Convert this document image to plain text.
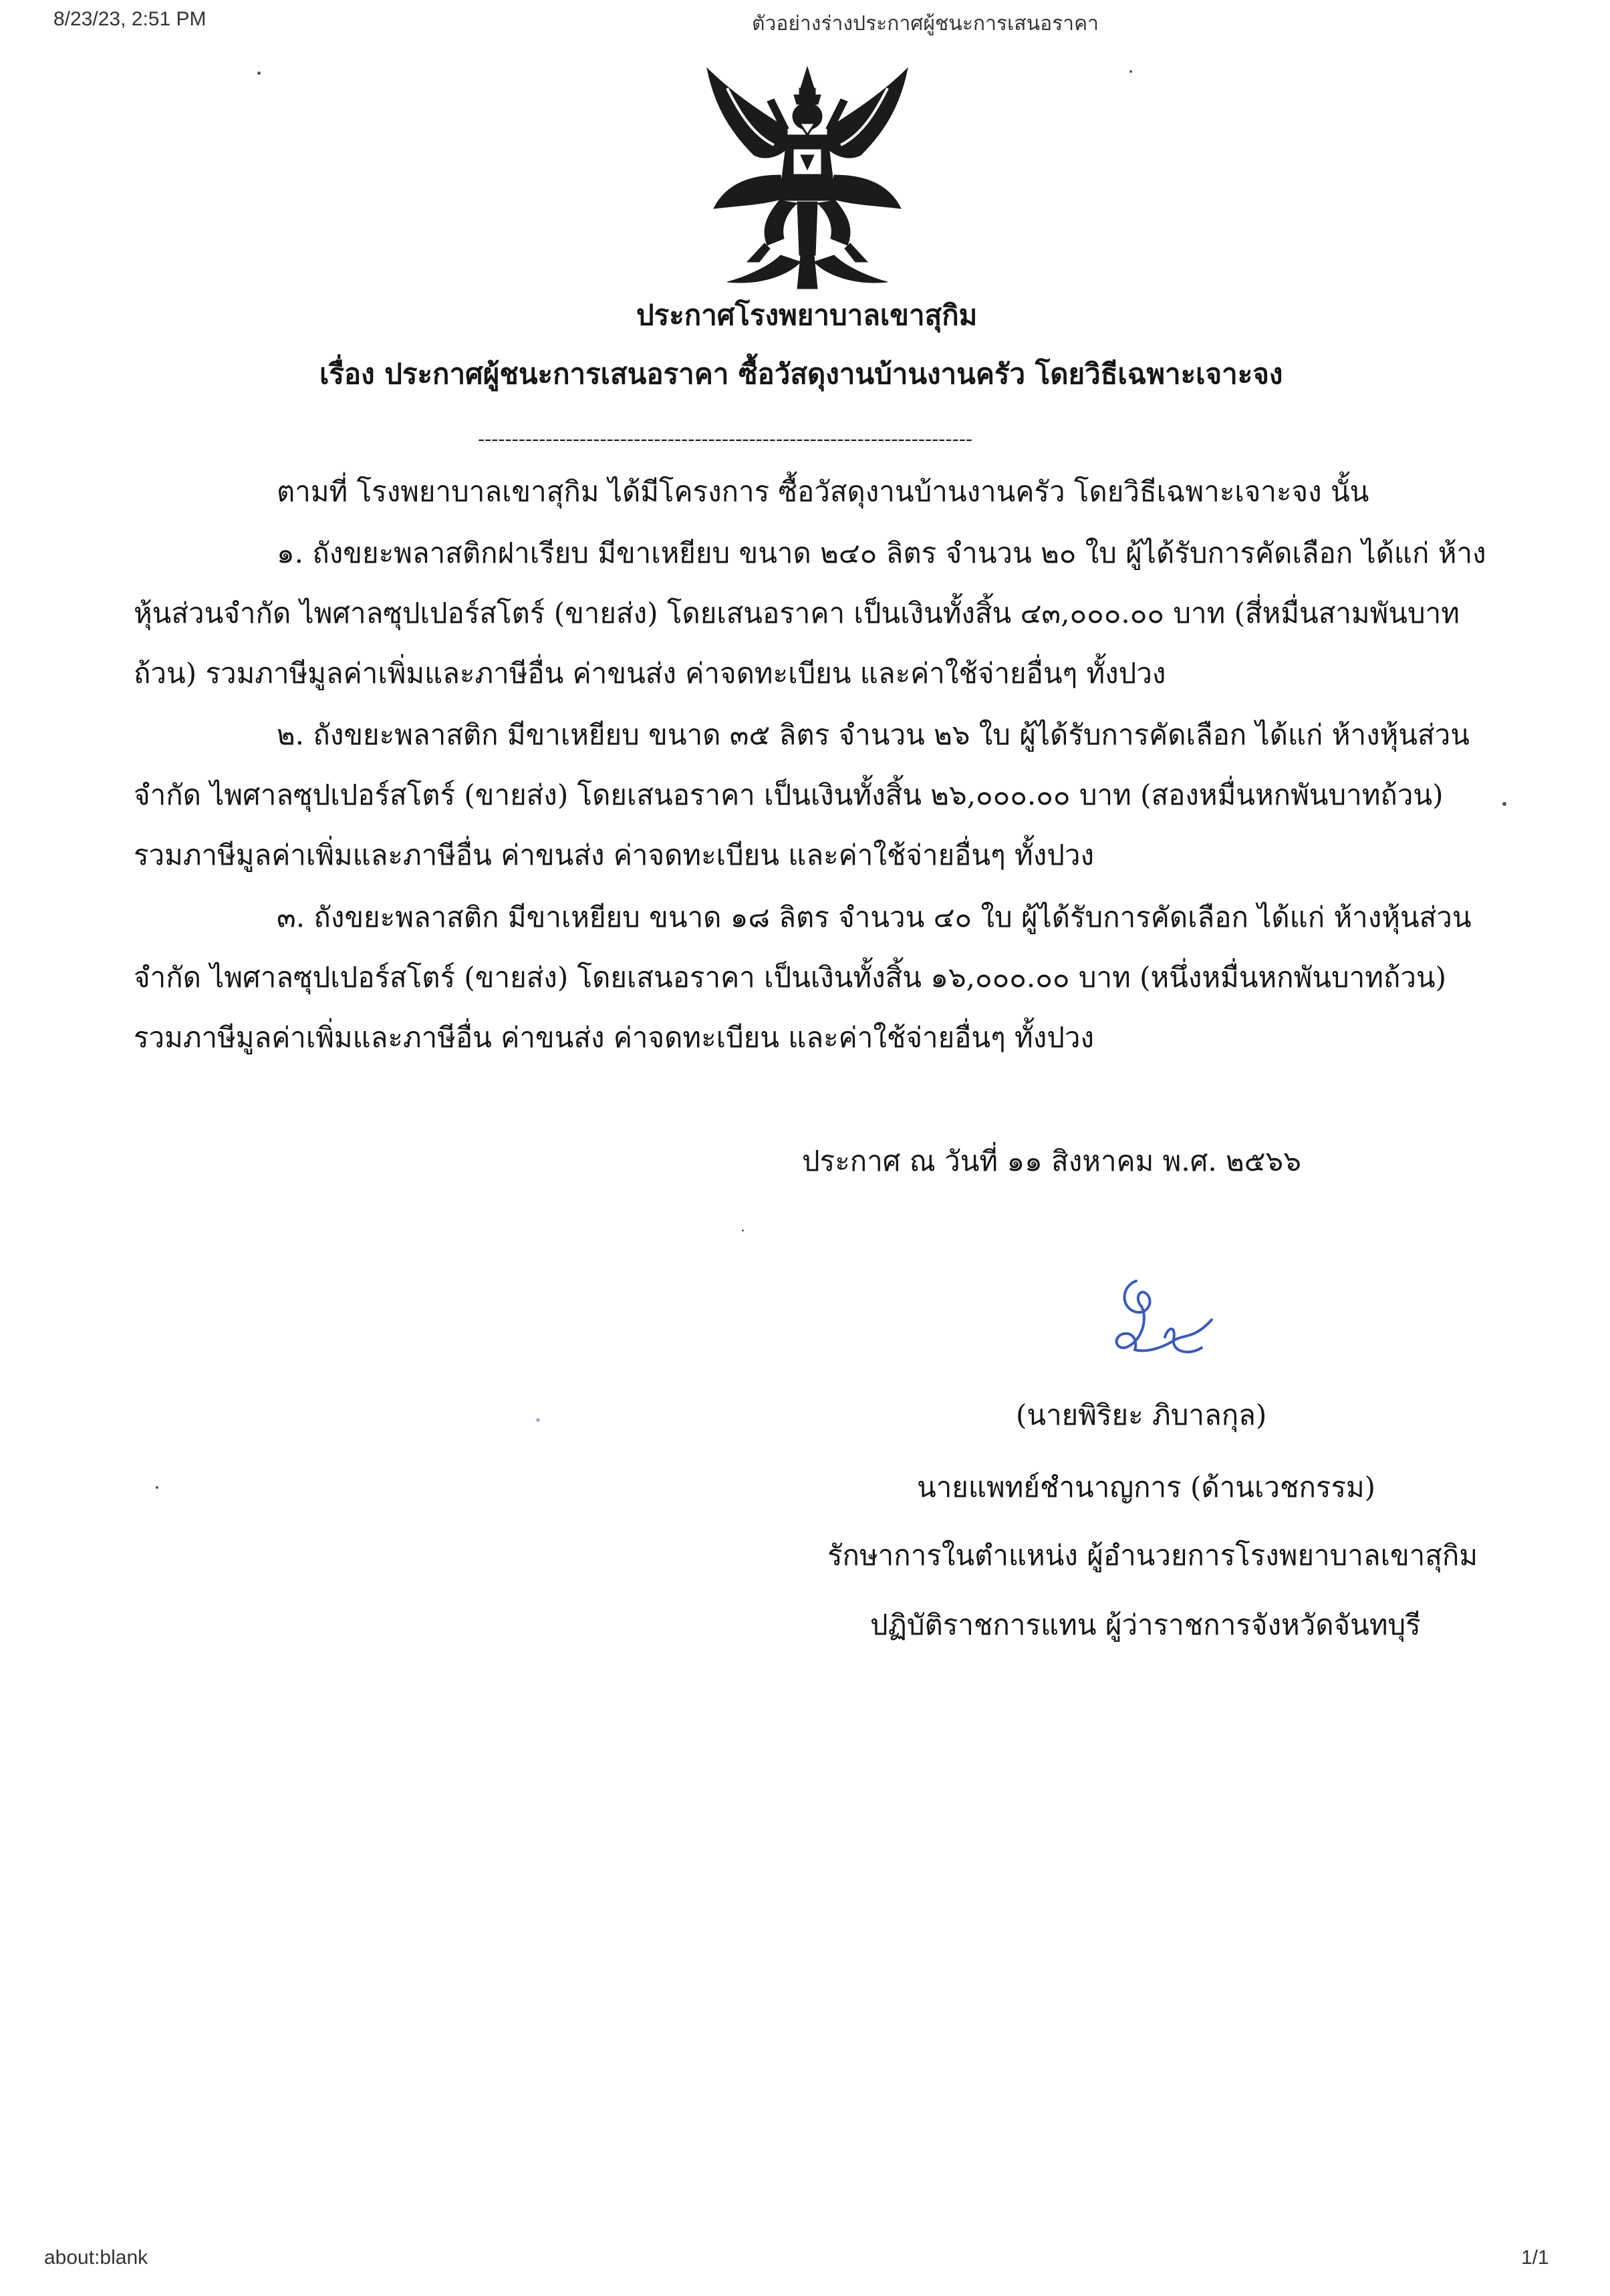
8/23/23, 2:51 PM	ตัวอย่างร่างประกาศผู้ชนะการเสนอราคา
ประกาศโรงพยาบาลเขาสุกิม
เรื่อง ประกาศผู้ชนะการเสนอราคา ซื้อวัสดุงานบ้านงานครัว โดยวิธีเฉพาะเจาะจง
-------------------------------------------------------------------------
ตามที่ โรงพยาบาลเขาสุกิม ได้มีโครงการ ซื้อวัสดุงานบ้านงานครัว โดยวิธีเฉพาะเจาะจง นั้น
๑. ถังขยะพลาสติกฝาเรียบ มีขาเหยียบ ขนาด ๒๔๐ ลิตร จำนวน ๒๐ ใบ ผู้ได้รับการคัดเลือก ได้แก่ ห้าง
หุ้นส่วนจำกัด ไพศาลซุปเปอร์สโตร์ (ขายส่ง) โดยเสนอราคา เป็นเงินทั้งสิ้น ๔๓,๐๐๐.๐๐ บาท (สี่หมื่นสามพันบาท
ถ้วน) รวมภาษีมูลค่าเพิ่มและภาษีอื่น ค่าขนส่ง ค่าจดทะเบียน และค่าใช้จ่ายอื่นๆ ทั้งปวง
๒. ถังขยะพลาสติก มีขาเหยียบ ขนาด ๓๕ ลิตร จำนวน ๒๖ ใบ ผู้ได้รับการคัดเลือก ได้แก่ ห้างหุ้นส่วน
จำกัด ไพศาลซุปเปอร์สโตร์ (ขายส่ง) โดยเสนอราคา เป็นเงินทั้งสิ้น ๒๖,๐๐๐.๐๐ บาท (สองหมื่นหกพันบาทถ้วน)
รวมภาษีมูลค่าเพิ่มและภาษีอื่น ค่าขนส่ง ค่าจดทะเบียน และค่าใช้จ่ายอื่นๆ ทั้งปวง
๓. ถังขยะพลาสติก มีขาเหยียบ ขนาด ๑๘ ลิตร จำนวน ๔๐ ใบ ผู้ได้รับการคัดเลือก ได้แก่ ห้างหุ้นส่วน
จำกัด ไพศาลซุปเปอร์สโตร์ (ขายส่ง) โดยเสนอราคา เป็นเงินทั้งสิ้น ๑๖,๐๐๐.๐๐ บาท (หนึ่งหมื่นหกพันบาทถ้วน)
รวมภาษีมูลค่าเพิ่มและภาษีอื่น ค่าขนส่ง ค่าจดทะเบียน และค่าใช้จ่ายอื่นๆ ทั้งปวง
ประกาศ ณ วันที่ ๑๑ สิงหาคม พ.ศ. ๒๕๖๖
(นายพิริยะ ภิบาลกุล)
นายแพทย์ชำนาญการ (ด้านเวชกรรม)
รักษาการในตำแหน่ง ผู้อำนวยการโรงพยาบาลเขาสุกิม
ปฏิบัติราชการแทน ผู้ว่าราชการจังหวัดจันทบุรี
about:blank	1/1
